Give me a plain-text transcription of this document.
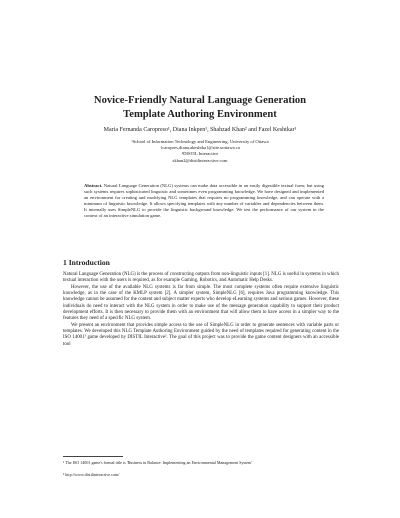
Novice-Friendly Natural Language Generation
Template Authoring Environment
Maria Fernanda Caropreso¹, Diana Inkpen¹, Shahzad Khan² and Fazel Keshtkar¹
¹School of Information Technology and Engineering, University of Ottawa
{caropres,diana,akeshtka}@site.uottawa.ca
²DISTIL Interactive
skhan2@distilinteractive.com
Abstract. Natural Language Generation (NLG) systems can make data accessible in an easily digestible textual form; but using such systems requires sophisticated linguistic and sometimes even programming knowledge. We have designed and implemented an environment for creating and modifying NLG templates that requires no programming knowledge, and can operate with a minimum of linguistic knowledge. It allows specifying templates with any number of variables and dependencies between them. It internally uses SimpleNLG to provide the linguistic background knowledge. We test the performance of our system in the context of an interactive simulation game.
1 Introduction

Natural Language Generation (NLG) is the process of constructing outputs from non-linguistic inputs [1]. NLG is useful in systems in which textual interaction with the users is required, as for example Gaming, Robotics, and Automatic Help Desks.

However, the use of the available NLG systems is far from simple. The most complete systems often require extensive linguistic knowledge, as in the case of the KMLP system [2]. A simpler system, SimpleNLG [6], requires Java programming knowledge. This knowledge cannot be assumed for the content and subject matter experts who develop eLearning systems and serious games. However, these individuals do need to interact with the NLG system in order to make use of the message generation capability to support their product development efforts. It is then necessary to provide them with an environment that will allow them to have access in a simpler way to the features they need of a specific NLG system.

We present an environment that provides simple access to the use of SimpleNLG in order to generate sentences with variable parts or templates. We developed this NLG Template Authoring Environment guided by the need of templates required for generating content in the ISO 14001¹ game developed by DISTIL Interactive². The goal of this project was to provide the game content designers with an accessible tool

¹ The ISO 14001 game's formal title is 'Business in Balance: Implementing an Environmental Management System'
² http://www.distilinteractive.com/
